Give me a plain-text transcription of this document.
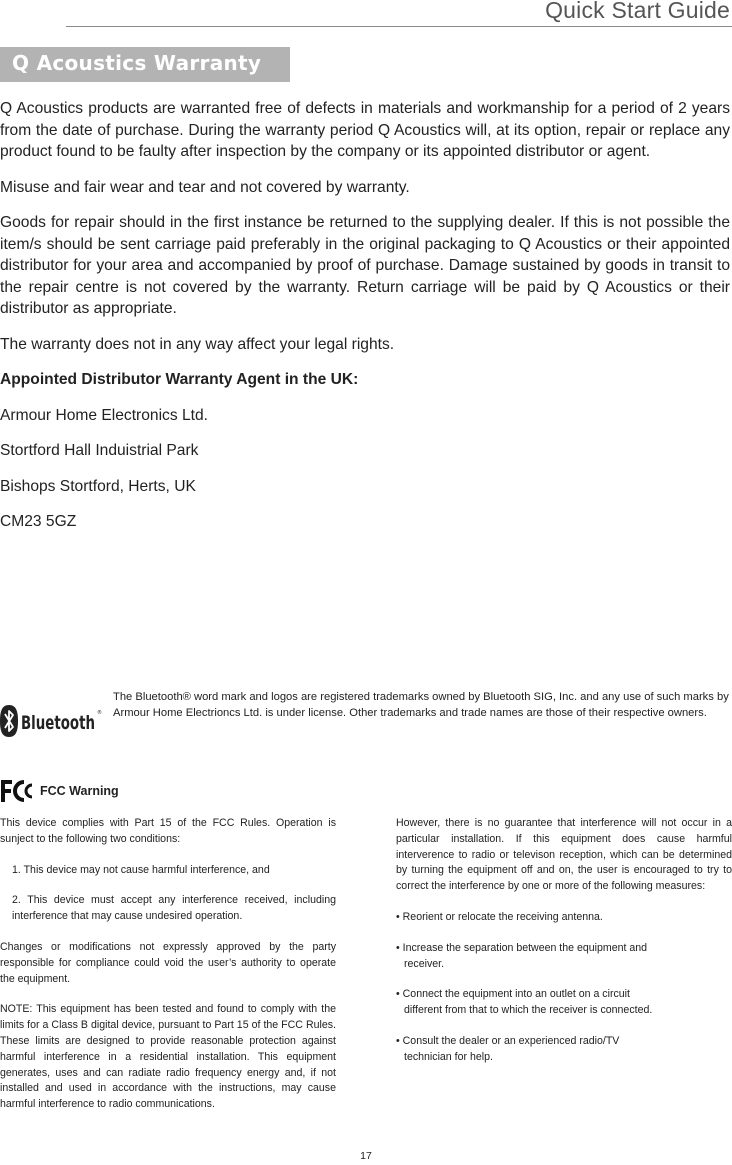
Quick Start Guide
Q Acoustics Warranty

Q Acoustics products are warranted free of defects in materials and workmanship for a period of 2 years from the date of purchase. During the warranty period Q Acoustics will, at its option, repair or replace any product found to be faulty after inspection by the company or its appointed distributor or agent.

Misuse and fair wear and tear and not covered by warranty.

Goods for repair should in the first instance be returned to the supplying dealer. If this is not possible the item/s should be sent carriage paid preferably in the original packaging to Q Acoustics or their appointed distributor for your area and accompanied by proof of purchase. Damage sustained by goods in transit to the repair centre is not covered by the warranty. Return carriage will be paid by Q Acoustics or their distributor as appropriate.

The warranty does not in any way affect your legal rights.

Appointed Distributor Warranty Agent in the UK:

Armour Home Electronics Ltd.

Stortford Hall Induistrial Park

Bishops Stortford, Herts, UK

CM23 5GZ

Bluetooth ®
The Bluetooth® word mark and logos are registered trademarks owned by Bluetooth SIG, Inc. and any use of such marks by Armour Home Electrioncs Ltd. is under license. Other trademarks and trade names are those of their respective owners.
FCC Warning

This device complies with Part 15 of the FCC Rules. Operation is sunject to the following two conditions:

1. This device may not cause harmful interference, and

2. This device must accept any interference received, including interference that may cause undesired operation.

Changes or modifications not expressly approved by the party responsible for compliance could void the user’s authority to operate the equipment.

NOTE: This equipment has been tested and found to comply with the limits for a Class B digital device, pursuant to Part 15 of the FCC Rules. These limits are designed to provide reasonable protection against harmful interference in a residential installation. This equipment generates, uses and can radiate radio frequency energy and, if not installed and used in accordance with the instructions, may cause harmful interference to radio communications.

However, there is no guarantee that interference will not occur in a particular installation. If this equipment does cause harmful interverence to radio or televison reception, which can be determined by turning the equipment off and on, the user is encouraged to try to correct the interference by one or more of the following measures:

• Reorient or relocate the receiving antenna.
• Increase the separation between the equipment and
receiver.
• Connect the equipment into an outlet on a circuit
different from that to which the receiver is connected.
• Consult the dealer or an experienced radio/TV
technician for help.
17
